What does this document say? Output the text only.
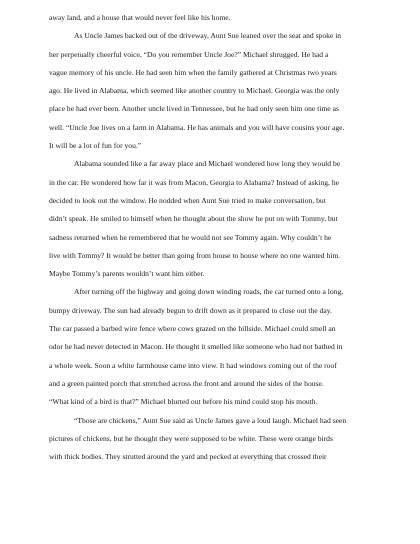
away land, and a house that would never feel like his home.
As Uncle James backed out of the driveway, Aunt Sue leaned over the seat and spoke in
her perpetually cheerful voice, “Do you remember Uncle Joe?” Michael shrugged. He had a
vague memory of his uncle. He had seen him when the family gathered at Christmas two years
ago. He lived in Alabama, which seemed like another country to Michael. Georgia was the only
place he had ever been. Another uncle lived in Tennessee, but he had only seen him one time as
well. “Uncle Joe lives on a farm in Alabama. He has animals and you will have cousins your age.
It will be a lot of fun for you.”
Alabama sounded like a far away place and Michael wondered how long they would be
in the car. He wondered how far it was from Macon, Georgia to Alabama? Instead of asking, he
decided to look out the window. He nodded when Aunt Sue tried to make conversation, but
didn’t speak. He smiled to himself when he thought about the show he put on with Tommy, but
sadness returned when he remembered that he would not see Tommy again. Why couldn’t he
live with Tommy? It would be better than going from house to house where no one wanted him.
Maybe Tommy’s parents wouldn’t want him either.
After turning off the highway and going down winding roads, the car turned onto a long,
bumpy driveway. The sun had already begun to drift down as it prepared to close out the day.
The car passed a barbed wire fence where cows grazed on the hillside. Michael could smell an
odor he had never detected in Macon. He thought it smelled like someone who had not bathed in
a whole week. Soon a white farmhouse came into view. It had windows coming out of the roof
and a green painted porch that stretched across the front and around the sides of the house.
“What kind of a bird is that?” Michael blurted out before his mind could stop his mouth.
“Those are chickens,” Aunt Sue said as Uncle James gave a loud laugh. Michael had seen
pictures of chickens, but he thought they were supposed to be white. These were orange birds
with thick bodies. They strutted around the yard and pecked at everything that crossed their
